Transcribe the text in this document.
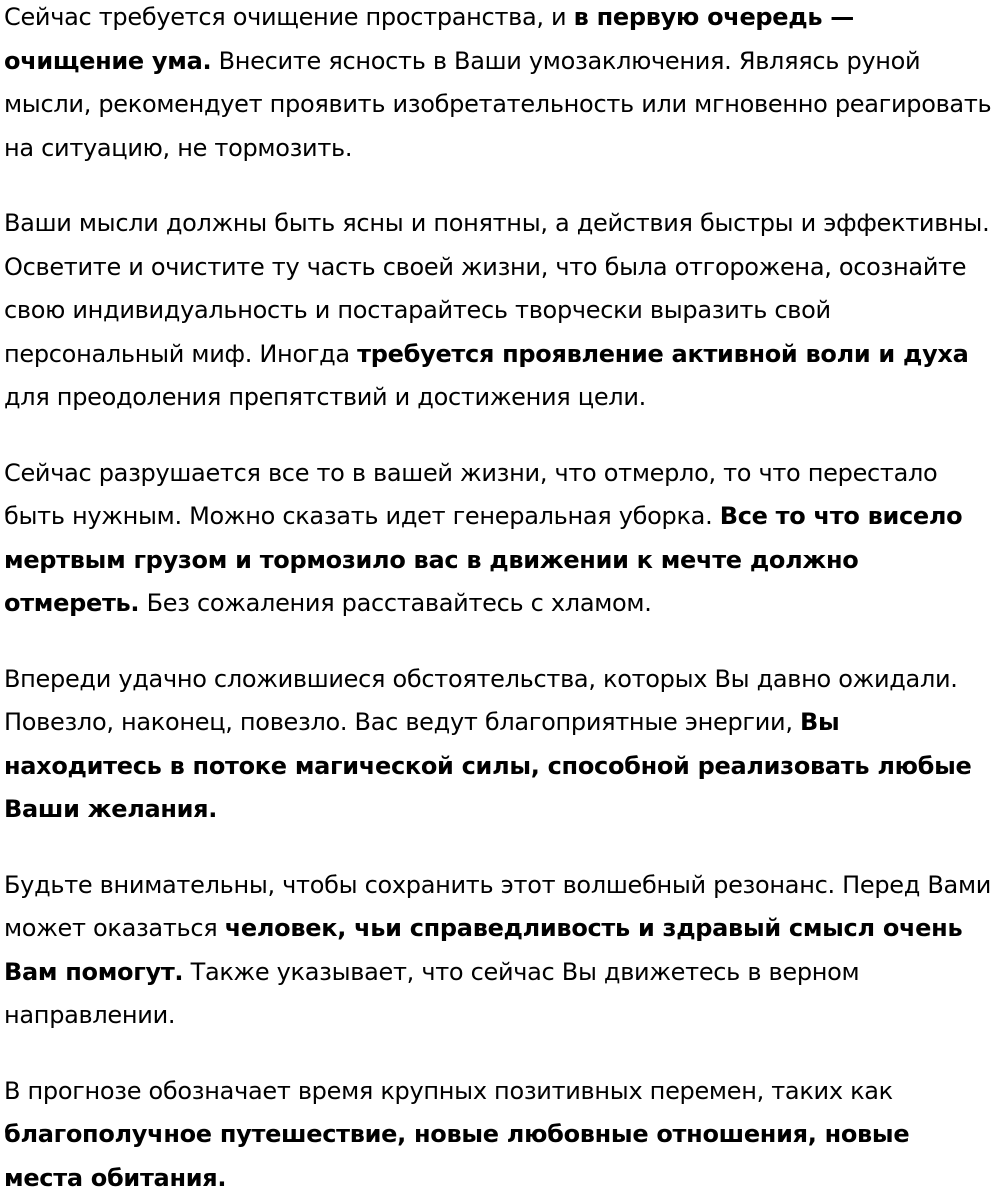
Сейчас требуется очищение пространства, и в первую очередь — очищение ума. Внесите ясность в Ваши умозаключения. Являясь руной мысли, рекомендует проявить изобретательность или мгновенно реагировать на ситуацию, не тормозить.

Ваши мысли должны быть ясны и понятны, а действия быстры и эффективны. Осветите и очистите ту часть своей жизни, что была отгорожена, осознайте свою индивидуальность и постарайтесь творчески выразить свой персональный миф. Иногда требуется проявление активной воли и духа для преодоления препятствий и достижения цели.

Сейчас разрушается все то в вашей жизни, что отмерло, то что перестало быть нужным. Можно сказать идет генеральная уборка. Все то что висело мертвым грузом и тормозило вас в движении к мечте должно отмереть. Без сожаления расставайтесь с хламом.

Впереди удачно сложившиеся обстоятельства, которых Вы давно ожидали. Повезло, наконец, повезло. Вас ведут благоприятные энергии, Вы находитесь в потоке магической силы, способной реализовать любые Ваши желания.

Будьте внимательны, чтобы сохранить этот волшебный резонанс. Перед Вами может оказаться человек, чьи справедливость и здравый смысл очень Вам помогут. Также указывает, что сейчас Вы движетесь в верном направлении.

В прогнозе обозначает время крупных позитивных перемен, таких как благополучное путешествие, новые любовные отношения, новые места обитания.
